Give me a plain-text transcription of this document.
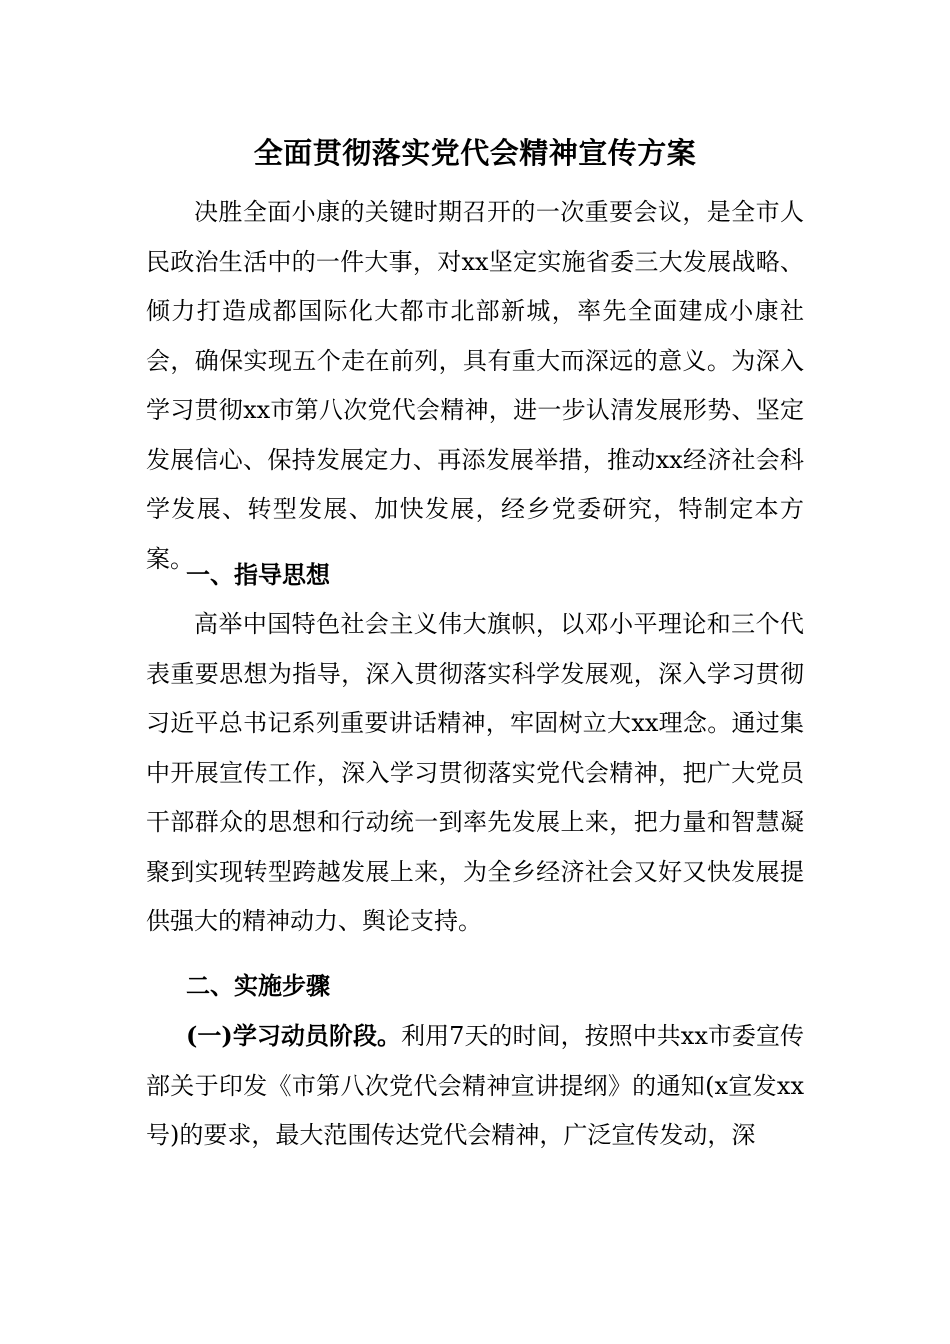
全面贯彻落实党代会精神宣传方案

决胜全面小康的关键时期召开的一次重要会议，是全市人民政治生活中的一件大事，对xx坚定实施省委三大发展战略、倾力打造成都国际化大都市北部新城，率先全面建成小康社会，确保实现五个走在前列，具有重大而深远的意义。为深入学习贯彻xx市第八次党代会精神，进一步认清发展形势、坚定发展信心、保持发展定力、再添发展举措，推动xx经济社会科学发展、转型发展、加快发展，经乡党委研究，特制定本方案。

一、指导思想

高举中国特色社会主义伟大旗帜，以邓小平理论和三个代表重要思想为指导，深入贯彻落实科学发展观，深入学习贯彻习近平总书记系列重要讲话精神，牢固树立大xx理念。通过集中开展宣传工作，深入学习贯彻落实党代会精神，把广大党员干部群众的思想和行动统一到率先发展上来，把力量和智慧凝聚到实现转型跨越发展上来，为全乡经济社会又好又快发展提供强大的精神动力、舆论支持。

二、实施步骤

(一)学习动员阶段。利用7天的时间，按照中共xx市委宣传部关于印发《市第八次党代会精神宣讲提纲》的通知(x宣发xx号)的要求，最大范围传达党代会精神，广泛宣传发动，深
